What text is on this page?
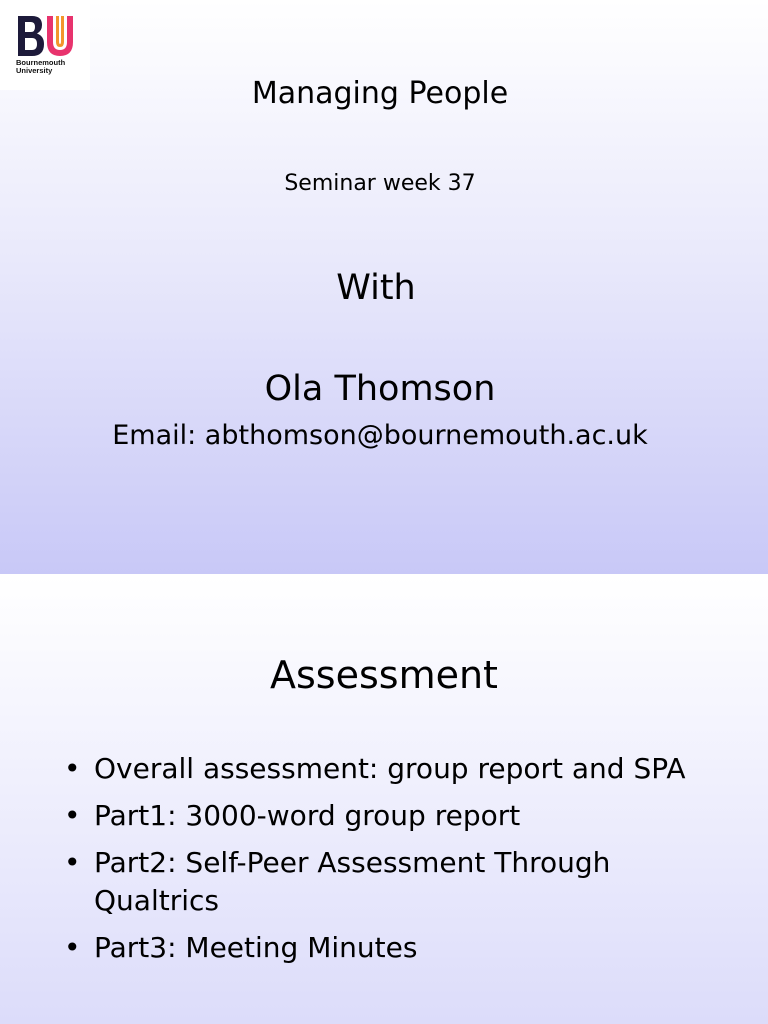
Bournemouth
University
Managing People
Seminar week 37
With
Ola Thomson
Email: abthomson@bournemouth.ac.uk
Assessment
• Overall assessment: group report and SPA
• Part1: 3000-word group report
• Part2: Self-Peer Assessment Through Qualtrics
• Part3: Meeting Minutes
